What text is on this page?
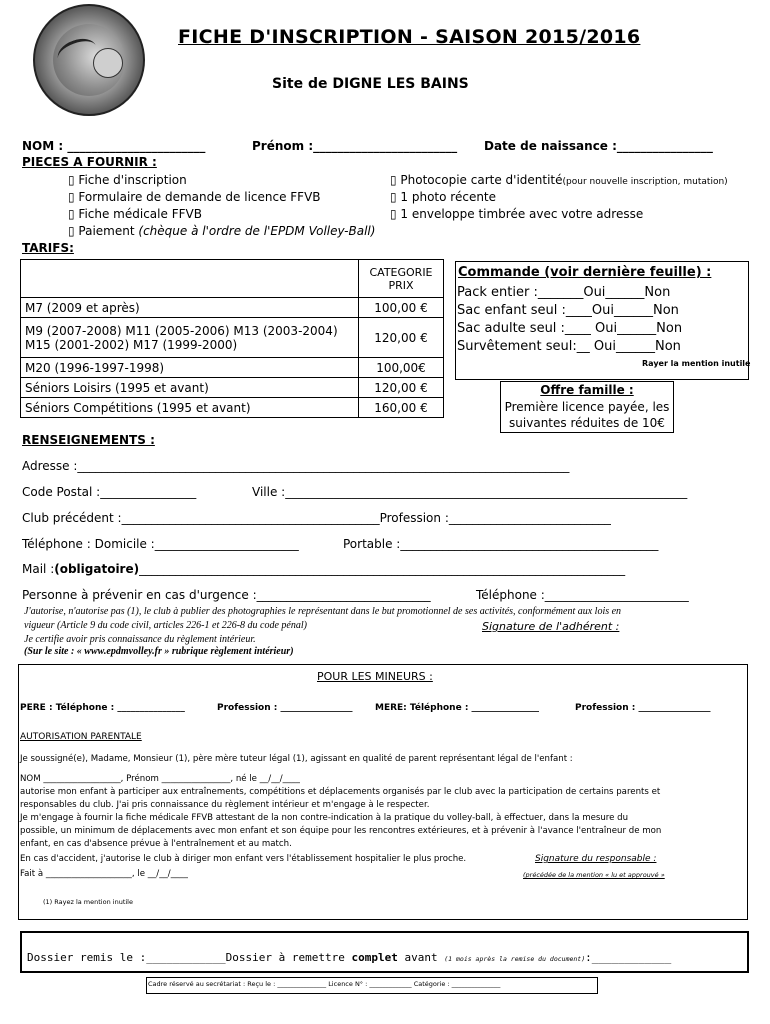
FICHE D'INSCRIPTION - SAISON 2015/2016
Site de DIGNE LES BAINS
NOM : _______________________	Prénom :________________________ Date de naissance :________________
PIECES A FOURNIR :
▯ Fiche d'inscription
▯ Formulaire de demande de licence FFVB
▯ Fiche médicale FFVB
▯ Paiement (chèque à l'ordre de l'EPDM Volley-Ball)
▯ Photocopie carte d'identité(pour nouvelle inscription, mutation)
▯ 1 photo récente
▯ 1 enveloppe timbrée avec votre adresse
TARIFS:
	CATEGORIE PRIX
M7 (2009 et après)	100,00 €
M9 (2007-2008) M11 (2005-2006) M13 (2003-2004)
M15 (2001-2002) M17 (1999-2000)	120,00 €
M20 (1996-1997-1998)	100,00€
Séniors Loisirs (1995 et avant)	120,00 €
Séniors Compétitions (1995 et avant)	160,00 €
Commande (voir dernière feuille) :
Pack entier :_______Oui______Non
Sac enfant seul :____Oui______Non
Sac adulte seul :____ Oui______Non
Survêtement seul:__ Oui______Non
Rayer la mention inutile
Offre famille :
Première licence payée, les
suivantes réduites de 10€
RENSEIGNEMENTS :
Adresse :__________________________________________________________________________________
Code Postal :________________	Ville :___________________________________________________________________
Club précédent :___________________________________________Profession :___________________________
Téléphone : Domicile :________________________	Portable :___________________________________________
Mail :(obligatoire)_________________________________________________________________________________
Personne à prévenir en cas d'urgence :_____________________________	Téléphone :________________________
J'autorise, n'autorise pas (1), le club à publier des photographies le représentant dans le but promotionnel de ses activités, conformément aux lois en
vigueur (Article 9 du code civil, articles 226-1 et 226-8 du code pénal)	Signature de l'adhérent :
Je certifie avoir pris connaissance du règlement intérieur.
(Sur le site : « www.epdmvolley.fr » rubrique règlement intérieur)
POUR LES MINEURS :
PERE : Téléphone : _______________	Profession : ________________	MERE: Téléphone : _______________	Profession : ________________
AUTORISATION PARENTALE
Je soussigné(e), Madame, Monsieur (1), père mère tuteur légal (1), agissant en qualité de parent représentant légal de l'enfant :
NOM __________________, Prénom ________________, né le __/__/____
autorise mon enfant à participer aux entraînements, compétitions et déplacements organisés par le club avec la participation de certains parents et
responsables du club. J'ai pris connaissance du règlement intérieur et m'engage à le respecter.
Je m'engage à fournir la fiche médicale FFVB attestant de la non contre-indication à la pratique du volley-ball, à effectuer, dans la mesure du
possible, un minimum de déplacements avec mon enfant et son équipe pour les rencontres extérieures, et à prévenir à l'avance l'entraîneur de mon
enfant, en cas d'absence prévue à l'entraînement et au match.
En cas d'accident, j'autorise le club à diriger mon enfant vers l'établissement hospitalier le plus proche.	Signature du responsable :
Fait à ____________________, le __/__/____	(précédée de la mention « lu et approuvé »
(1) Rayez la mention inutile
Dossier remis le :____________Dossier à remettre complet avant (1 mois après la remise du document):____________
Cadre réservé au secrétariat : Reçu le : _______________ Licence N° : _____________ Catégorie : _______________
